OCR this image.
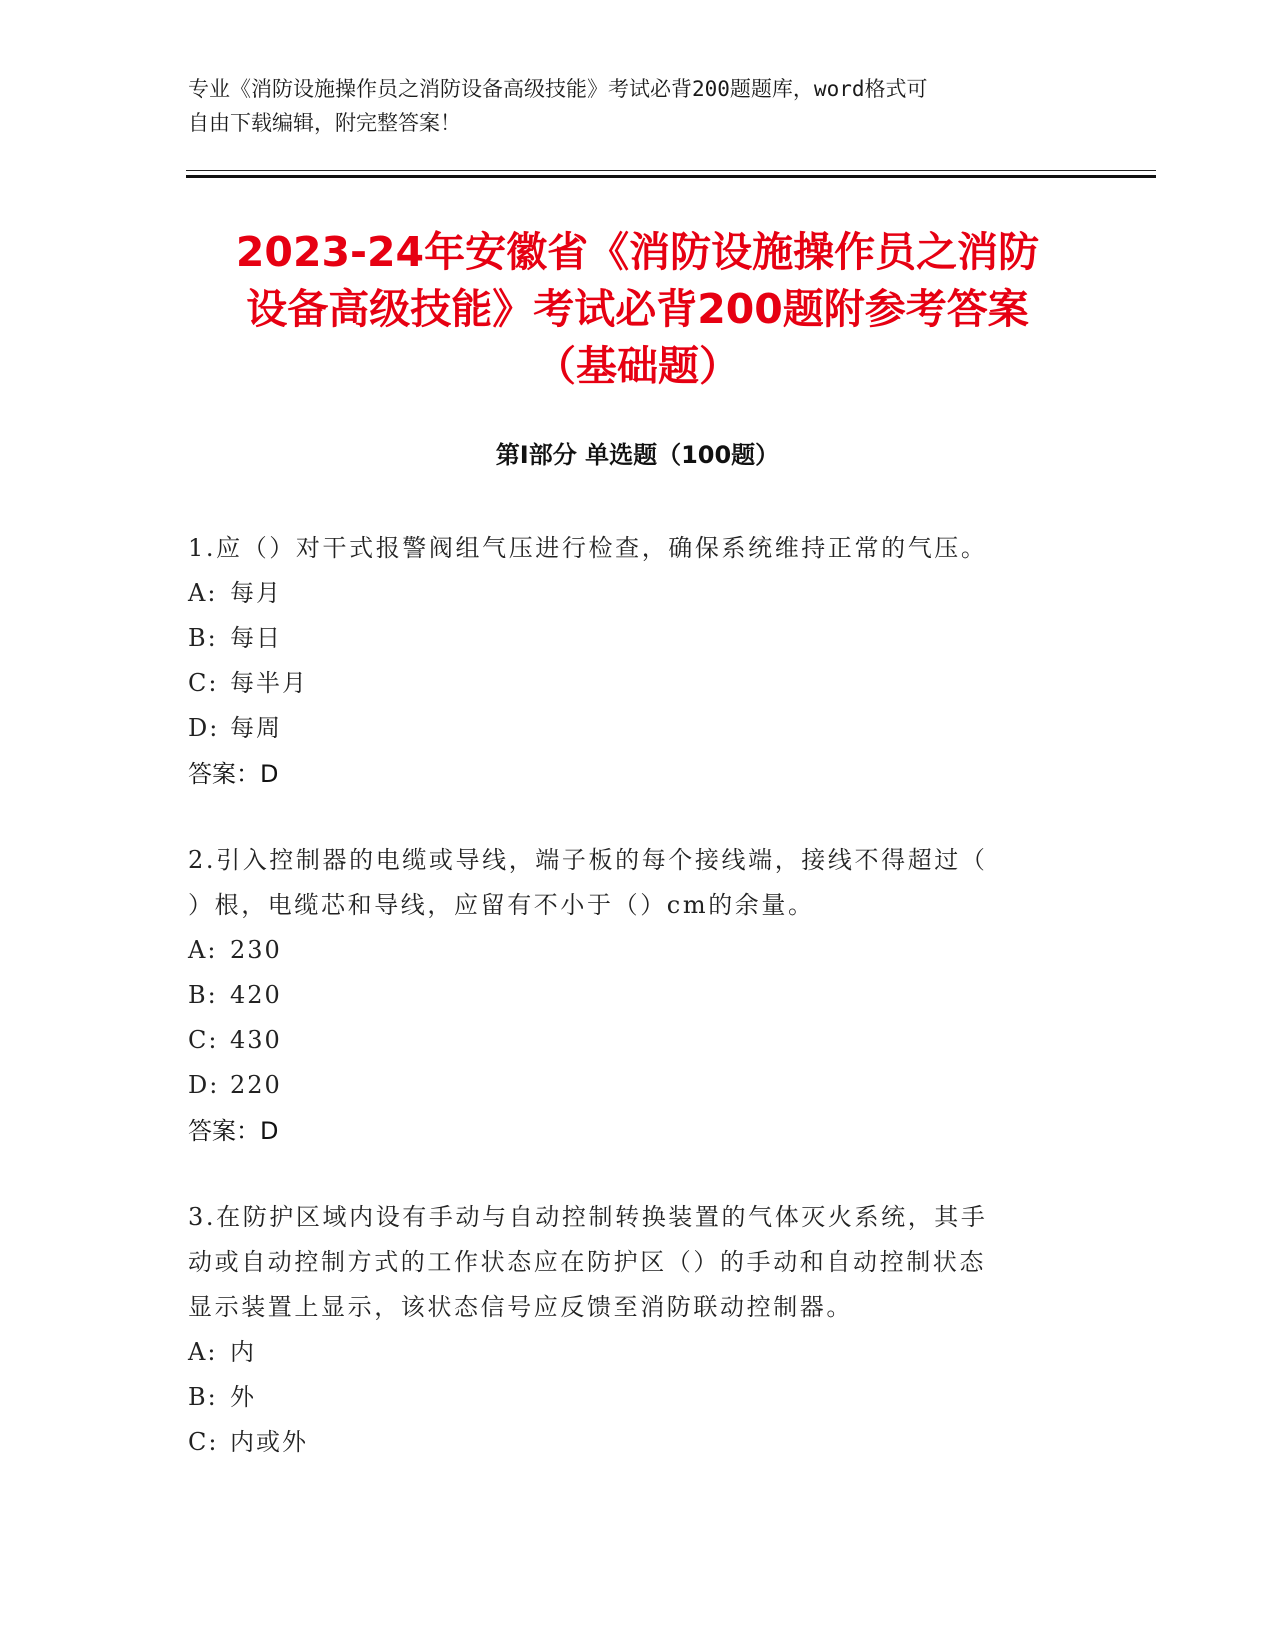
专业《消防设施操作员之消防设备高级技能》考试必背200题题库，word格式可
自由下载编辑，附完整答案！
2023-24年安徽省《消防设施操作员之消防
设备高级技能》考试必背200题附参考答案
（基础题）
第I部分 单选题（100题）

1.应（）对干式报警阀组气压进行检查，确保系统维持正常的气压。

A: 每月

B: 每日

C: 每半月

D: 每周

答案：D

2.引入控制器的电缆或导线，端子板的每个接线端，接线不得超过（

）根，电缆芯和导线，应留有不小于（）cm的余量。

A: 230

B: 420

C: 430

D: 220

答案：D

3.在防护区域内设有手动与自动控制转换装置的气体灭火系统，其手

动或自动控制方式的工作状态应在防护区（）的手动和自动控制状态

显示装置上显示，该状态信号应反馈至消防联动控制器。

A: 内

B: 外

C: 内或外
